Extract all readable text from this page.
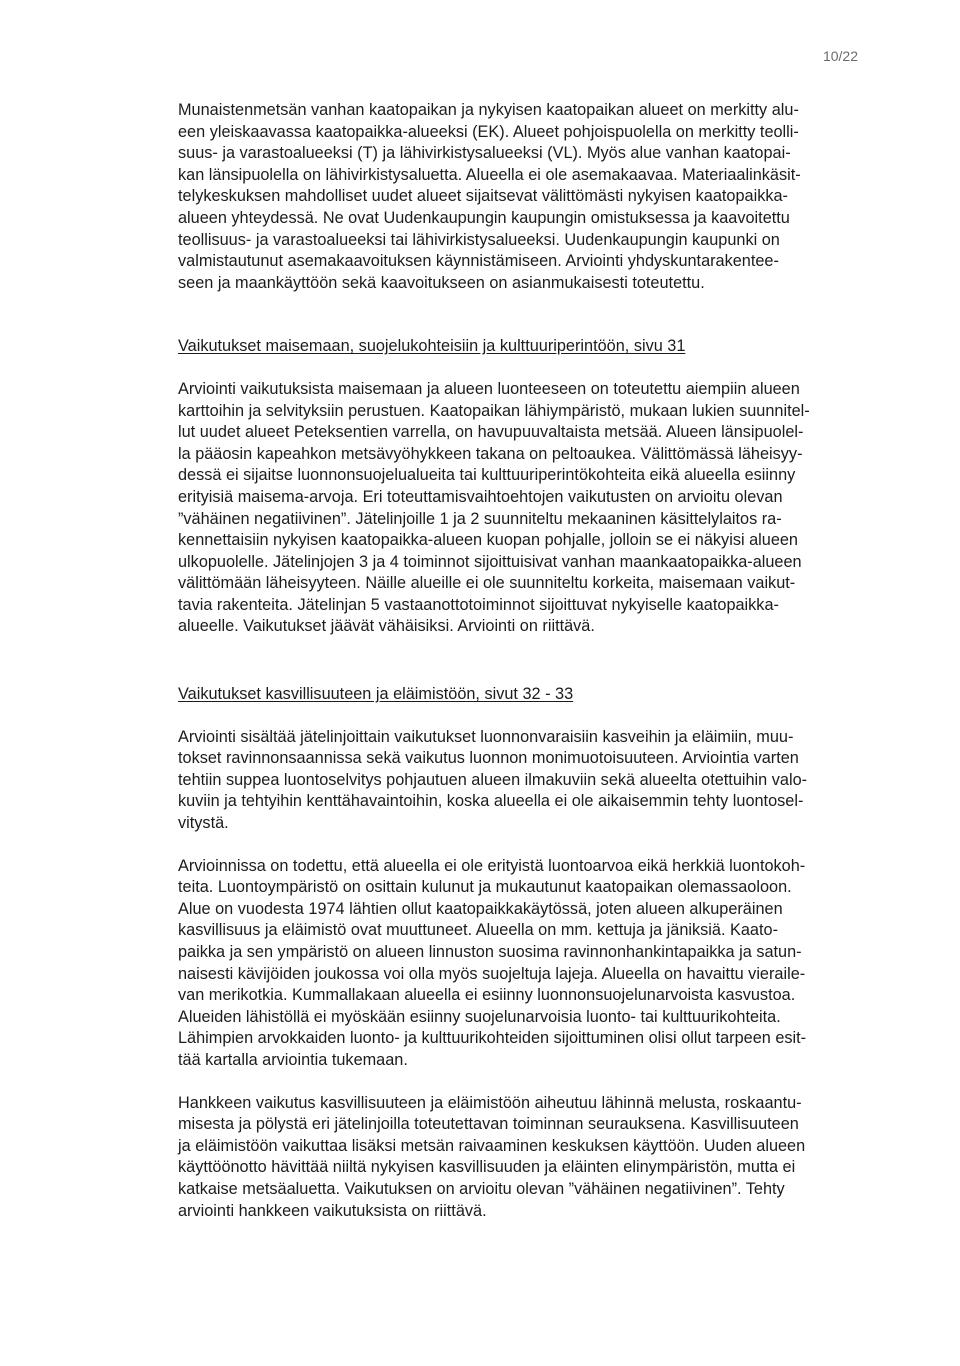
10/22
Munaistenmetsän vanhan kaatopaikan ja nykyisen kaatopaikan alueet on merkitty alu-
een yleiskaavassa kaatopaikka-alueeksi (EK). Alueet pohjoispuolella on merkitty teolli-
suus- ja varastoalueeksi (T) ja lähivirkistysalueeksi (VL). Myös alue vanhan kaatopai-
kan länsipuolella on lähivirkistysaluetta. Alueella ei ole asemakaavaa. Materiaalinkäsit-
telykeskuksen mahdolliset uudet alueet sijaitsevat välittömästi nykyisen kaatopaikka-
alueen yhteydessä. Ne ovat Uudenkaupungin kaupungin omistuksessa ja kaavoitettu
teollisuus- ja varastoalueeksi tai lähivirkistysalueeksi. Uudenkaupungin kaupunki on
valmistautunut asemakaavoituksen käynnistämiseen. Arviointi yhdyskuntarakentee-
seen ja maankäyttöön sekä kaavoitukseen on asianmukaisesti toteutettu.
Vaikutukset maisemaan, suojelukohteisiin ja kulttuuriperintöön, sivu 31
Arviointi vaikutuksista maisemaan ja alueen luonteeseen on toteutettu aiempiin alueen
karttoihin ja selvityksiin perustuen. Kaatopaikan lähiympäristö, mukaan lukien suunnitel-
lut uudet alueet Peteksentien varrella, on havupuuvaltaista metsää. Alueen länsipuolel-
la pääosin kapeahkon metsävyöhykkeen takana on peltoaukea. Välittömässä läheisyy-
dessä ei sijaitse luonnonsuojelualueita tai kulttuuriperintökohteita eikä alueella esiinny
erityisiä maisema-arvoja. Eri toteuttamisvaihtoehtojen vaikutusten on arvioitu olevan
”vähäinen negatiivinen”. Jätelinjoille 1 ja 2 suunniteltu mekaaninen käsittelylaitos ra-
kennettaisiin nykyisen kaatopaikka-alueen kuopan pohjalle, jolloin se ei näkyisi alueen
ulkopuolelle. Jätelinjojen 3 ja 4 toiminnot sijoittuisivat vanhan maankaatopaikka-alueen
välittömään läheisyyteen. Näille alueille ei ole suunniteltu korkeita, maisemaan vaikut-
tavia rakenteita. Jätelinjan 5 vastaanottotoiminnot sijoittuvat nykyiselle kaatopaikka-
alueelle. Vaikutukset jäävät vähäisiksi. Arviointi on riittävä.
Vaikutukset kasvillisuuteen ja eläimistöön, sivut 32 - 33
Arviointi sisältää jätelinjoittain vaikutukset luonnonvaraisiin kasveihin ja eläimiin, muu-
tokset ravinnonsaannissa sekä vaikutus luonnon monimuotoisuuteen. Arviointia varten
tehtiin suppea luontoselvitys pohjautuen alueen ilmakuviin sekä alueelta otettuihin valo-
kuviin ja tehtyihin kenttähavaintoihin, koska alueella ei ole aikaisemmin tehty luontosel-
vitystä.
Arvioinnissa on todettu, että alueella ei ole erityistä luontoarvoa eikä herkkiä luontokoh-
teita. Luontoympäristö on osittain kulunut ja mukautunut kaatopaikan olemassaoloon.
Alue on vuodesta 1974 lähtien ollut kaatopaikkakäytössä, joten alueen alkuperäinen
kasvillisuus ja eläimistö ovat muuttuneet. Alueella on mm. kettuja ja jäniksiä. Kaato-
paikka ja sen ympäristö on alueen linnuston suosima ravinnonhankintapaikka ja satun-
naisesti kävijöiden joukossa voi olla myös suojeltuja lajeja. Alueella on havaittu vieraile-
van merikotkia. Kummallakaan alueella ei esiinny luonnonsuojelunarvoista kasvustoa.
Alueiden lähistöllä ei myöskään esiinny suojelunarvoisia luonto- tai kulttuurikohteita.
Lähimpien arvokkaiden luonto- ja kulttuurikohteiden sijoittuminen olisi ollut tarpeen esit-
tää kartalla arviointia tukemaan.
Hankkeen vaikutus kasvillisuuteen ja eläimistöön aiheutuu lähinnä melusta, roskaantu-
misesta ja pölystä eri jätelinjoilla toteutettavan toiminnan seurauksena. Kasvillisuuteen
ja eläimistöön vaikuttaa lisäksi metsän raivaaminen keskuksen käyttöön. Uuden alueen
käyttöönotto hävittää niiltä nykyisen kasvillisuuden ja eläinten elinympäristön, mutta ei
katkaise metsäaluetta. Vaikutuksen on arvioitu olevan ”vähäinen negatiivinen”. Tehty
arviointi hankkeen vaikutuksista on riittävä.
